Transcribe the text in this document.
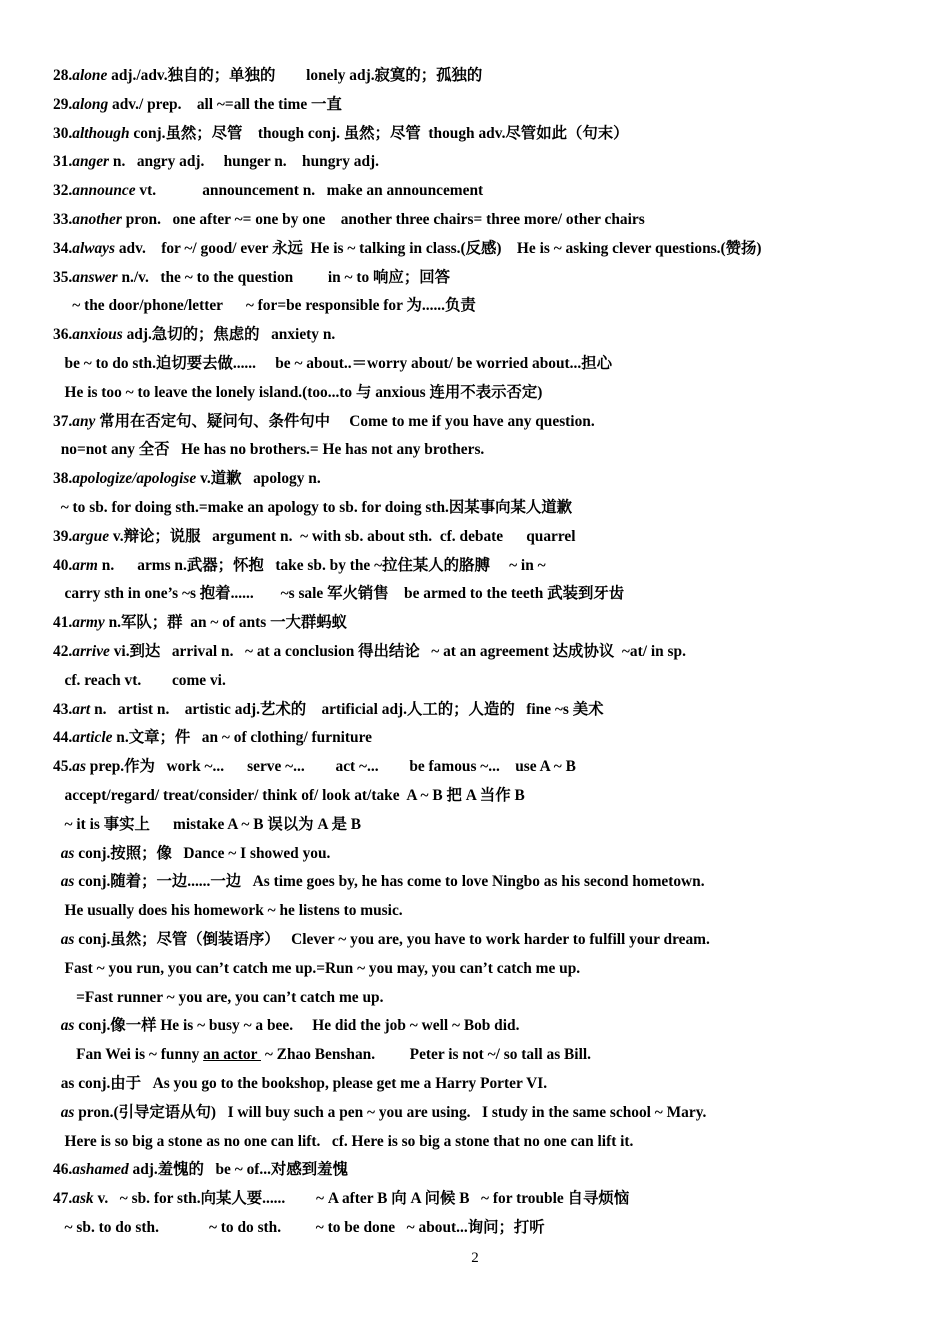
28.alone adj./adv.独自的；单独的        lonely adj.寂寞的；孤独的
29.along adv./ prep.    all ~=all the time 一直
30.although conj.虽然；尽管    though conj. 虽然；尽管  though adv.尽管如此（句末）
31.anger n.   angry adj.     hunger n.    hungry adj.
32.announce vt.            announcement n.   make an announcement
33.another pron.   one after ~= one by one    another three chairs= three more/ other chairs
34.always adv.    for ~/ good/ ever 永远  He is ~ talking in class.(反感)    He is ~ asking clever questions.(赞扬)
35.answer n./v.   the ~ to the question         in ~ to 响应；回答
~ the door/phone/letter      ~ for=be responsible for 为......负责
36.anxious adj.急切的；焦虑的   anxiety n.
be ~ to do sth.迫切要去做......     be ~ about..＝worry about/ be worried about...担心
He is too ~ to leave the lonely island.(too...to 与 anxious 连用不表示否定)
37.any 常用在否定句、疑问句、条件句中     Come to me if you have any question.
no=not any 全否   He has no brothers.= He has not any brothers.
38.apologize/apologise v.道歉   apology n.
~ to sb. for doing sth.=make an apology to sb. for doing sth.因某事向某人道歉
39.argue v.辩论；说服   argument n.  ~ with sb. about sth.  cf. debate      quarrel
40.arm n.      arms n.武器；怀抱   take sb. by the ~拉住某人的胳膊     ~ in ~
carry sth in one’s ~s 抱着......       ~s sale 军火销售    be armed to the teeth 武装到牙齿
41.army n.军队；群  an ~ of ants 一大群蚂蚁
42.arrive vi.到达   arrival n.   ~ at a conclusion 得出结论   ~ at an agreement 达成协议  ~at/ in sp.
cf. reach vt.        come vi.
43.art n.   artist n.    artistic adj.艺术的    artificial adj.人工的；人造的   fine ~s 美术
44.article n.文章；件   an ~ of clothing/ furniture
45.as prep.作为   work ~...      serve ~...        act ~...        be famous ~...    use A ~ B
accept/regard/ treat/consider/ think of/ look at/take  A ~ B 把 A 当作 B
~ it is 事实上      mistake A ~ B 误以为 A 是 B
as conj.按照；像   Dance ~ I showed you.
as conj.随着；一边......一边   As time goes by, he has come to love Ningbo as his second hometown.
He usually does his homework ~ he listens to music.
as conj.虽然；尽管（倒装语序）   Clever ~ you are, you have to work harder to fulfill your dream.
Fast ~ you run, you can’t catch me up.=Run ~ you may, you can’t catch me up.
=Fast runner ~ you are, you can’t catch me up.
as conj.像一样 He is ~ busy ~ a bee.     He did the job ~ well ~ Bob did.
Fan Wei is ~ funny an actor  ~ Zhao Benshan.         Peter is not ~/ so tall as Bill.
as conj.由于   As you go to the bookshop, please get me a Harry Porter VI.
as pron.(引导定语从句)   I will buy such a pen ~ you are using.   I study in the same school ~ Mary.
Here is so big a stone as no one can lift.   cf. Here is so big a stone that no one can lift it.
46.ashamed adj.羞愧的   be ~ of...对感到羞愧
47.ask v.   ~ sb. for sth.向某人要......        ~ A after B 向 A 问候 B   ~ for trouble 自寻烦恼
~ sb. to do sth.             ~ to do sth.         ~ to be done   ~ about...询问；打听
2
